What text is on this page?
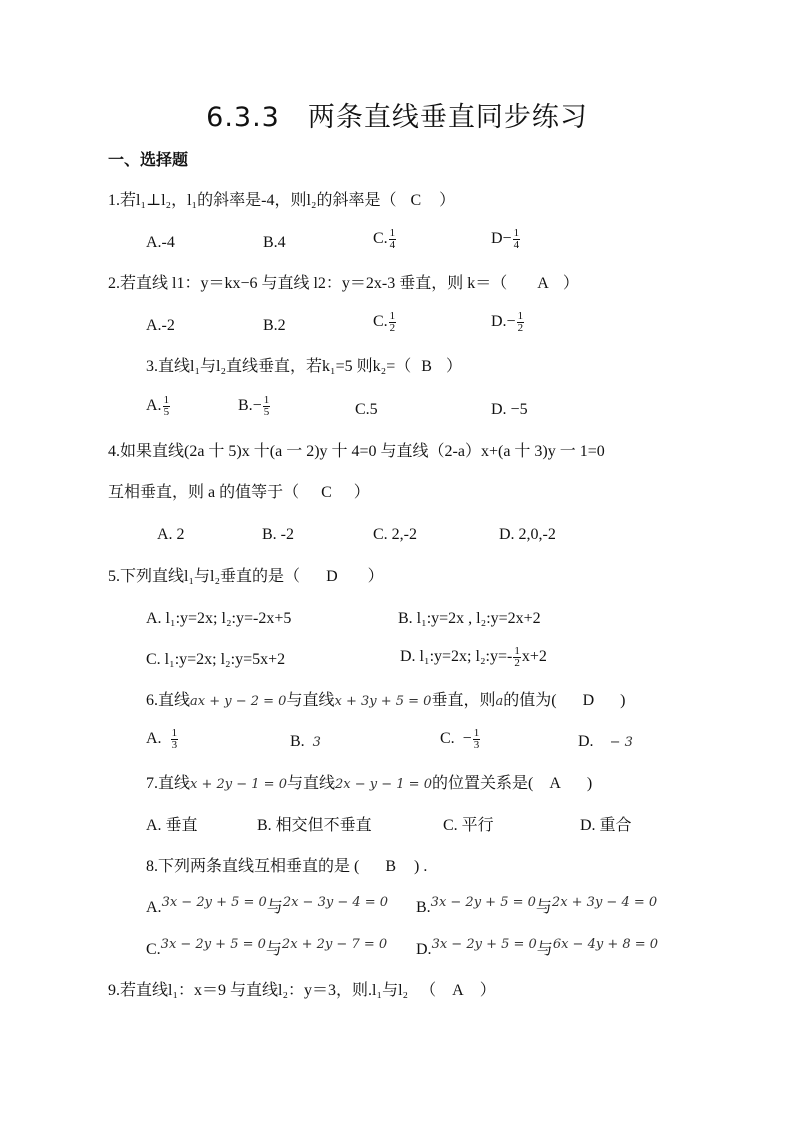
6.3.3　两条直线垂直同步练习
一、选择题
1.若l₁⊥l₂，l₁的斜率是-4，则l₂的斜率是（ C ）
A.-4	B.4	C. $\frac{1}{4}$	$D- \frac{1}{4}$
2.若直线 l1：y＝kx−6 与直线 l2：y＝2x-3 垂直，则 k＝（ A ）
A.-2	B.2	C. $\frac{1}{2}$	$D.- \frac{1}{2}$
3.直线l₁与l₂直线垂直，若k₁=5 则k₂=（ B ）
A. $\frac{1}{5}$	$B.- \frac{1}{5}$	C.5	D. −5
4.如果直线(2a 十 5)x 十(a 一 2)y 十 4=0 与直线（2-a）x+(a 十 3)y 一 1=0
互相垂直，则 a 的值等于（ C ）
A. 2	B. -2	C. 2,-2	D. 2,0,-2
5.下列直线l₁与l₂垂直的是（ D ）
A. l₁:y=2x; l₂:y=-2x+5	B. l₁:y=2x , l₂:y=2x+2
C. l₁:y=2x; l₂:y=5x+2	D. l₁:y=2x; l₂:y=- $\frac{1}{2} x+2$
6.直线ax + y − 2 = 0与直线x + 3y + 5 = 0垂直，则a的值为( D )
A. $\frac{1}{3}$	B. 3	C. − $\frac{1}{3}$	D. − 3
7.直线x + 2y − 1 = 0与直线2x − y − 1 = 0的位置关系是( A )
A. 垂直	B. 相交但不垂直	C. 平行	D. 重合
8.下列两条直线互相垂直的是 ( B ) .
A.$^{3x - 2y + 5 = 0}$与$^{2x - 3y - 4 = 0}$ B.$^{3x - 2y + 5 = 0}$与$^{2x + 3y - 4 = 0}$
C.$^{3x - 2y + 5 = 0}$与$^{2x + 2y - 7 = 0}$ D.$^{3x - 2y + 5 = 0}$与$^{6x - 4y + 8 = 0}$
9.若直线l₁：x＝9 与直线l₂：y＝3，则.l₁与l₂ （ A ）
